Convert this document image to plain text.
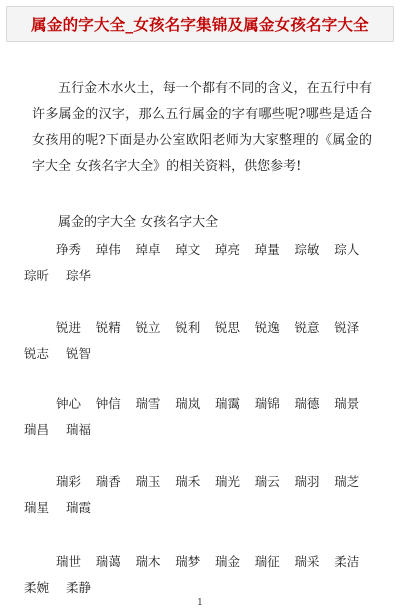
属金的字大全_女孩名字集锦及属金女孩名字大全

五行金木水火土，每一个都有不同的含义，在五行中有许多属金的汉字，那么五行属金的字有哪些呢?哪些是适合女孩用的呢?下面是办公室欧阳老师为大家整理的《属金的字大全 女孩名字大全》的相关资料，供您参考!

属金的字大全 女孩名字大全

琤秀	琸伟	琸卓	琸文	琸亮	琸量	琮敏	琮人
琮昕	琮华
锐进	锐精	锐立	锐利	锐思	锐逸	锐意	锐泽
锐志	锐智
钟心	钟信	瑞雪	瑞岚	瑞霭	瑞锦	瑞德	瑞景
瑞昌	瑞福
瑞彩	瑞香	瑞玉	瑞禾	瑞光	瑞云	瑞羽	瑞芝
瑞星	瑞霞
瑞世	瑞蔼	瑞木	瑞梦	瑞金	瑞征	瑞采	柔洁
柔婉	柔静
1
